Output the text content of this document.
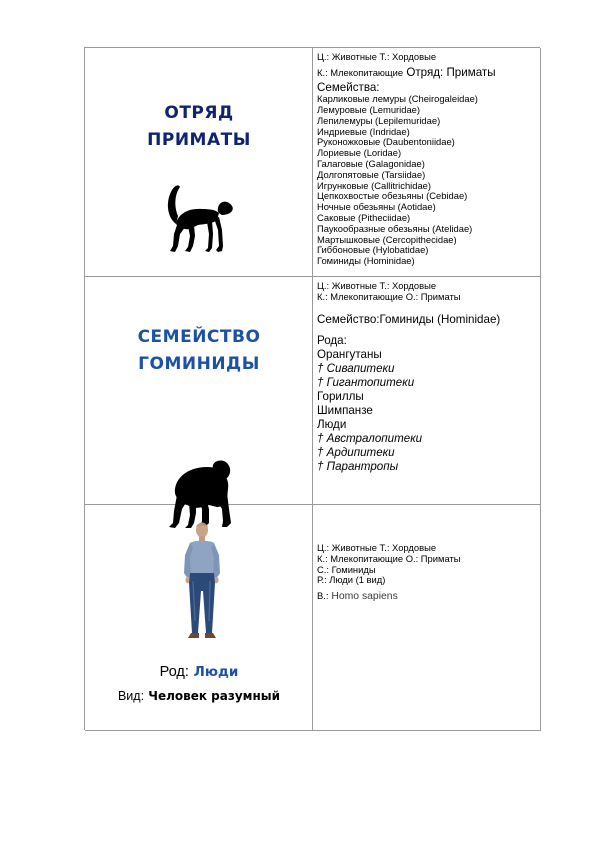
ОТРЯД
ПРИМАТЫ
Ц.: Животные Т.: Хордовые
К.: Млекопитающие Отряд: Приматы
Семейства:
Карликовые лемуры (Cheirogaleidae)
Лемуровые (Lemuridae)
Лепилемуры (Lepilemuridae)
Индриевые (Indridae)
Руконожковые (Daubentoniidae)
Лориевые (Loridae)
Галаговые (Galagonidae)
Долгопятовые (Tarsiidae)
Игрунковые (Callitrichidae)
Цепкохвостые обезьяны (Cebidae)
Ночные обезьяны (Aotidae)
Саковые (Pitheciidae)
Паукообразные обезьяны (Atelidae)
Мартышковые (Cercopithecidae)
Гиббоновые (Hylobatidae)
Гоминиды (Hominidae)
СЕМЕЙСТВО
ГОМИНИДЫ
Ц.: Животные Т.: Хордовые
К.: Млекопитающие О.: Приматы
Семейство:Гоминиды (Hominidae)
Рода:
Орангутаны
† Сивапитеки
† Гигантопитеки
Гориллы
Шимпанзе
Люди
† Австралопитеки
† Ардипитеки
† Парантропы
Род: Люди
Вид: Человек разумный
Ц.: Животные Т.: Хордовые
К.: Млекопитающие О.: Приматы
С.: Гоминиды
Р.: Люди (1 вид)
В.: Homo sapiens
